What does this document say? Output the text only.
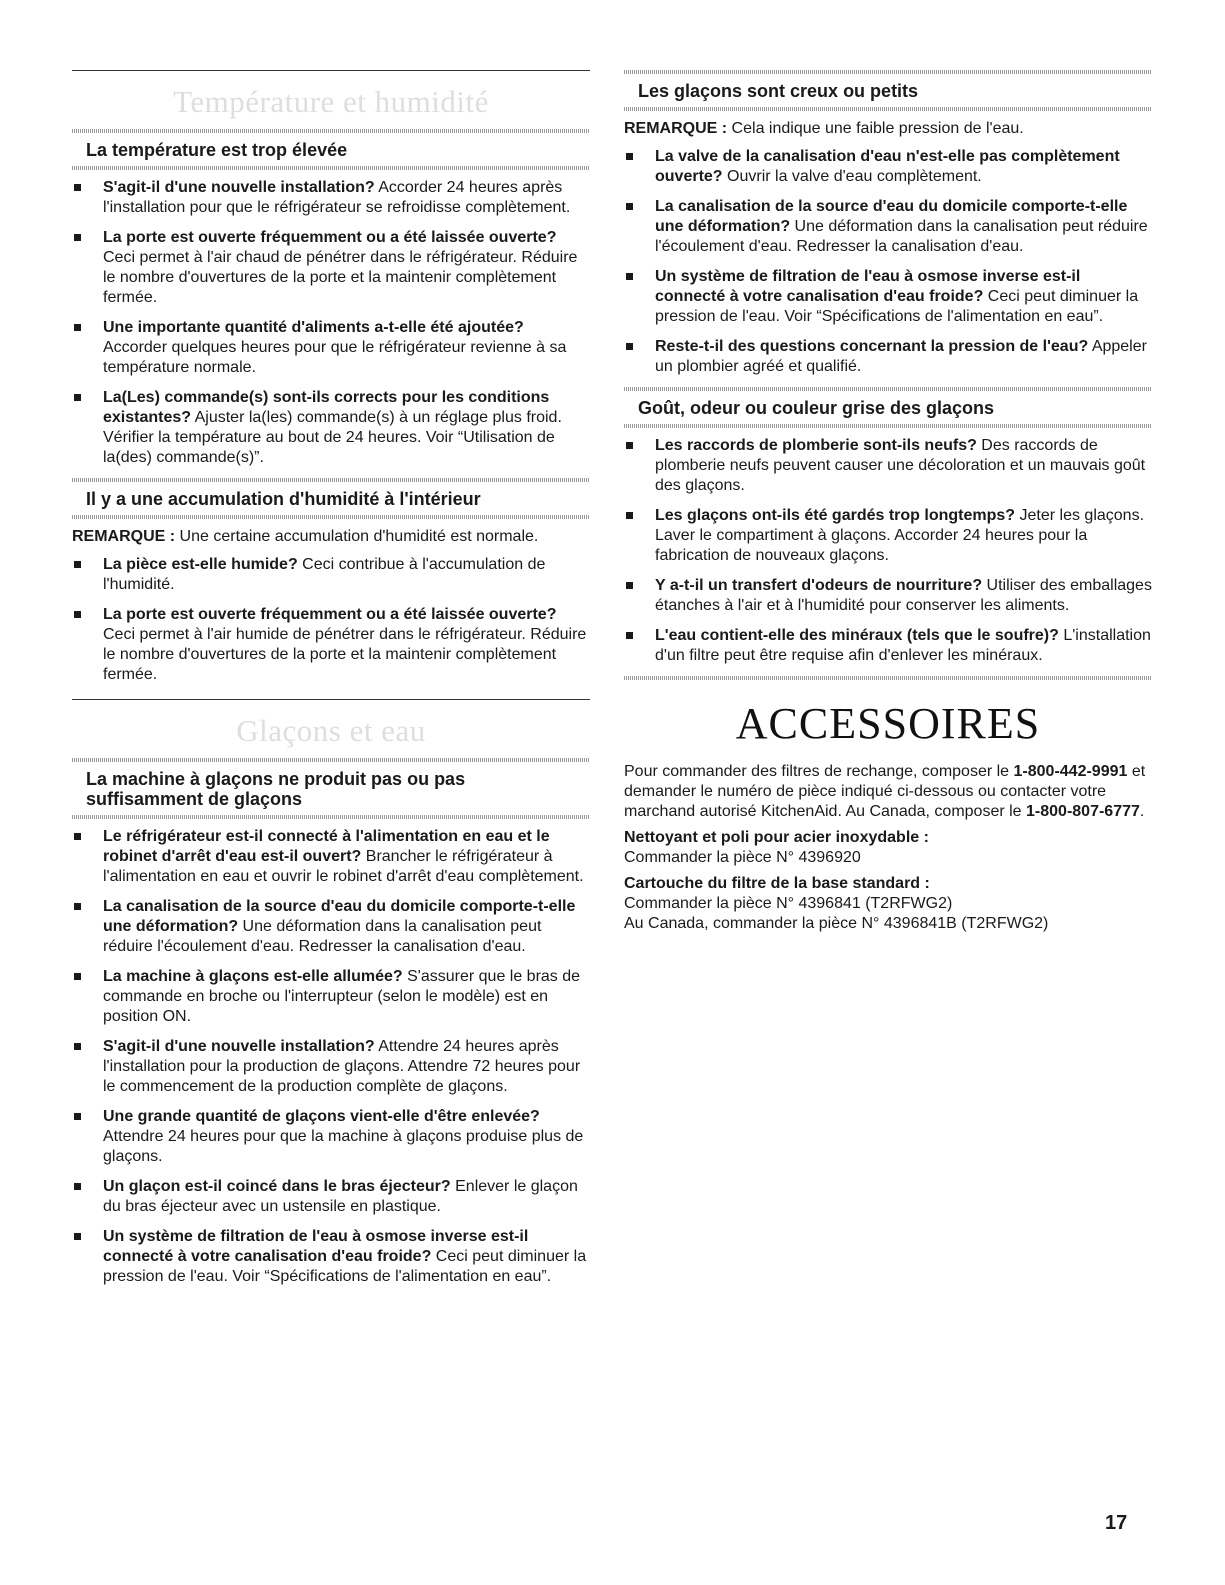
Température et humidité
La température est trop élevée
S'agit-il d'une nouvelle installation? Accorder 24 heures après l'installation pour que le réfrigérateur se refroidisse complètement.
La porte est ouverte fréquemment ou a été laissée ouverte? Ceci permet à l'air chaud de pénétrer dans le réfrigérateur. Réduire le nombre d'ouvertures de la porte et la maintenir complètement fermée.
Une importante quantité d'aliments a-t-elle été ajoutée? Accorder quelques heures pour que le réfrigérateur revienne à sa température normale.
La(Les) commande(s) sont-ils corrects pour les conditions existantes? Ajuster la(les) commande(s) à un réglage plus froid. Vérifier la température au bout de 24 heures. Voir “Utilisation de la(des) commande(s)”.
Il y a une accumulation d'humidité à l'intérieur
REMARQUE : Une certaine accumulation d'humidité est normale.
La pièce est-elle humide? Ceci contribue à l'accumulation de l'humidité.
La porte est ouverte fréquemment ou a été laissée ouverte? Ceci permet à l'air humide de pénétrer dans le réfrigérateur. Réduire le nombre d'ouvertures de la porte et la maintenir complètement fermée.
Glaçons et eau
La machine à glaçons ne produit pas ou pas
suffisamment de glaçons
Le réfrigérateur est-il connecté à l'alimentation en eau et le robinet d'arrêt d'eau est-il ouvert? Brancher le réfrigérateur à l'alimentation en eau et ouvrir le robinet d'arrêt d'eau complètement.
La canalisation de la source d'eau du domicile comporte-t-elle une déformation? Une déformation dans la canalisation peut réduire l'écoulement d'eau. Redresser la canalisation d'eau.
La machine à glaçons est-elle allumée? S'assurer que le bras de commande en broche ou l'interrupteur (selon le modèle) est en position ON.
S'agit-il d'une nouvelle installation? Attendre 24 heures après l'installation pour la production de glaçons. Attendre 72 heures pour le commencement de la production complète de glaçons.
Une grande quantité de glaçons vient-elle d'être enlevée? Attendre 24 heures pour que la machine à glaçons produise plus de glaçons.
Un glaçon est-il coincé dans le bras éjecteur? Enlever le glaçon du bras éjecteur avec un ustensile en plastique.
Un système de filtration de l'eau à osmose inverse est-il connecté à votre canalisation d'eau froide? Ceci peut diminuer la pression de l'eau. Voir “Spécifications de l'alimentation en eau”.
Les glaçons sont creux ou petits
REMARQUE : Cela indique une faible pression de l'eau.
La valve de la canalisation d'eau n'est-elle pas complètement ouverte? Ouvrir la valve d'eau complètement.
La canalisation de la source d'eau du domicile comporte-t-elle une déformation? Une déformation dans la canalisation peut réduire l'écoulement d'eau. Redresser la canalisation d'eau.
Un système de filtration de l'eau à osmose inverse est-il connecté à votre canalisation d'eau froide? Ceci peut diminuer la pression de l'eau. Voir “Spécifications de l'alimentation en eau”.
Reste-t-il des questions concernant la pression de l'eau? Appeler un plombier agréé et qualifié.
Goût, odeur ou couleur grise des glaçons
Les raccords de plomberie sont-ils neufs? Des raccords de plomberie neufs peuvent causer une décoloration et un mauvais goût des glaçons.
Les glaçons ont-ils été gardés trop longtemps? Jeter les glaçons. Laver le compartiment à glaçons. Accorder 24 heures pour la fabrication de nouveaux glaçons.
Y a-t-il un transfert d'odeurs de nourriture? Utiliser des emballages étanches à l'air et à l'humidité pour conserver les aliments.
L'eau contient-elle des minéraux (tels que le soufre)? L'installation d'un filtre peut être requise afin d'enlever les minéraux.
ACCESSOIRES
Pour commander des filtres de rechange, composer le 1-800-442-9991 et demander le numéro de pièce indiqué ci-dessous ou contacter votre marchand autorisé KitchenAid. Au Canada, composer le 1-800-807-6777.
Nettoyant et poli pour acier inoxydable :
Commander la pièce N° 4396920
Cartouche du filtre de la base standard :
Commander la pièce N° 4396841 (T2RFWG2)
Au Canada, commander la pièce N° 4396841B (T2RFWG2)
17
